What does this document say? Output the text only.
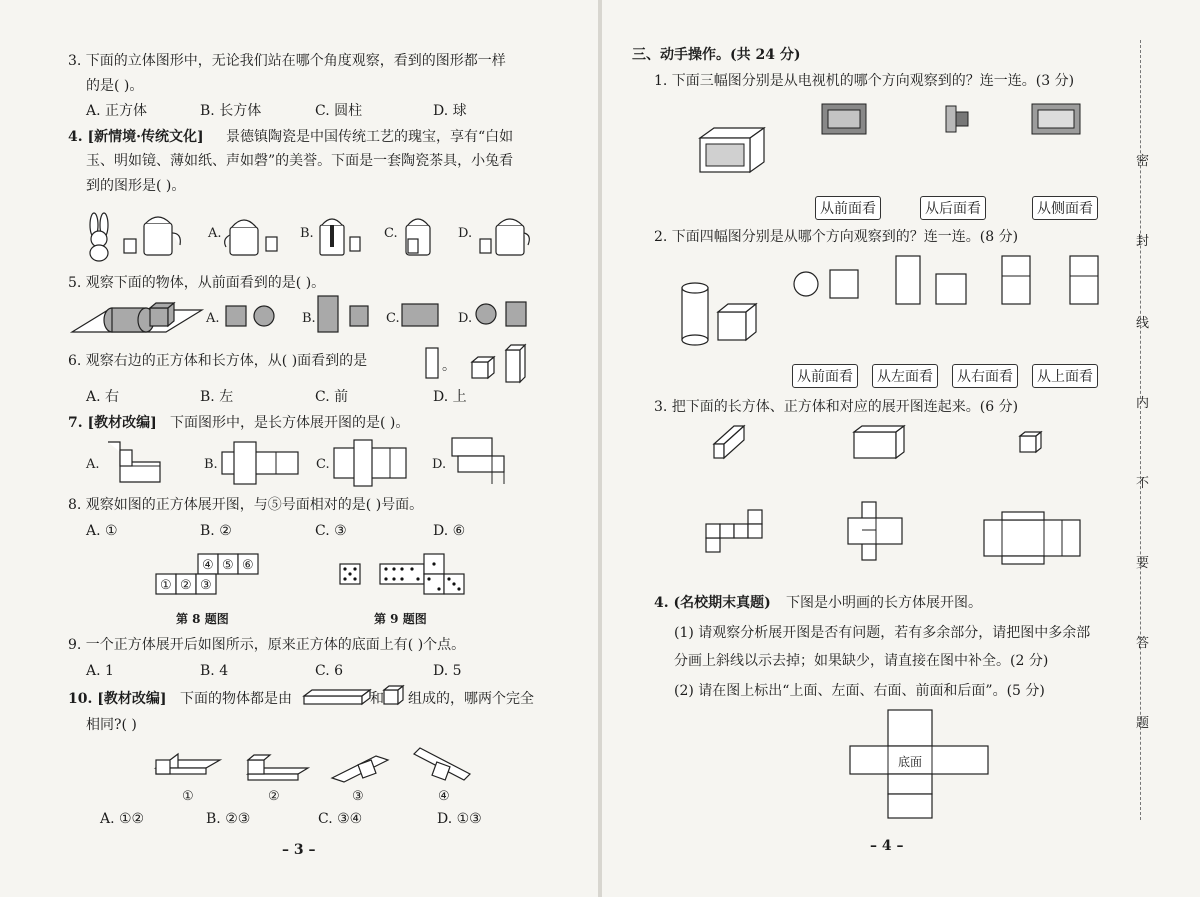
3. 下面的立体图形中，无论我们站在哪个角度观察，看到的图形都一样
的是( )。
A. 正方体	B. 长方体	C. 圆柱	D. 球
4. [新情境·传统文化] 景德镇陶瓷是中国传统工艺的瑰宝，享有“白如
玉、明如镜、薄如纸、声如磬”的美誉。下面是一套陶瓷茶具，小兔看
到的图形是( )。
A.	B.	C.	D.
5. 观察下面的物体，从前面看到的是( )。
A.	B.	C.	D.
6. 观察右边的正方体和长方体，从( )面看到的是	。
A. 右	B. 左	C. 前	D. 上
7. [教材改编] 下面图形中，是长方体展开图的是( )。
A.	B.	C.	D.
8. 观察如图的正方体展开图，与⑤号面相对的是( )号面。
A. ①	B. ②	C. ③	D. ⑥
④ ⑤ ⑥
① ② ③
第 8 题图	第 9 题图
9. 一个正方体展开后如图所示，原来正方体的底面上有( )个点。
A. 1	B. 4	C. 6	D. 5
10. [教材改编] 下面的物体都是由	和 组成的，哪两个完全
相同?( )
①	②	③	④
A. ①②	B. ②③	C. ③④	D. ①③
– 3 –
三、动手操作。(共 24 分)
1. 下面三幅图分别是从电视机的哪个方向观察到的？连一连。(3 分)
从前面看	从后面看	从侧面看
2. 下面四幅图分别是从哪个方向观察到的？连一连。(8 分)
从前面看	从左面看	从右面看	从上面看
3. 把下面的长方体、正方体和对应的展开图连起来。(6 分)
4. (名校期末真题) 下图是小明画的长方体展开图。
(1) 请观察分析展开图是否有问题，若有多余部分，请把图中多余部
分画上斜线以示去掉；如果缺少，请直接在图中补全。(2 分)
(2) 请在图上标出“上面、左面、右面、前面和后面”。(5 分)
底面
– 4 –
密
封
线
内
不
要
答
题
